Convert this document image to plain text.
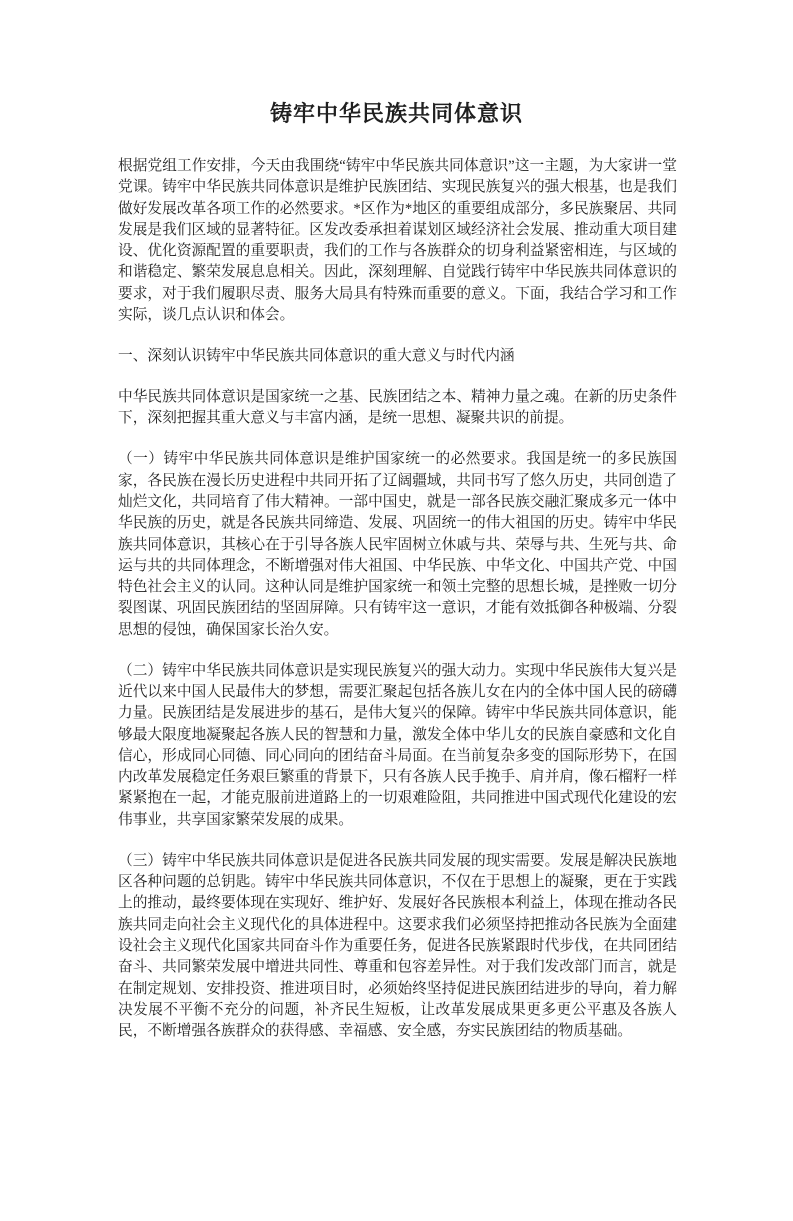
铸牢中华民族共同体意识

根据党组工作安排，今天由我围绕“铸牢中华民族共同体意识”这一主题，为大家讲一堂党课。铸牢中华民族共同体意识是维护民族团结、实现民族复兴的强大根基，也是我们做好发展改革各项工作的必然要求。*区作为*地区的重要组成部分，多民族聚居、共同发展是我们区域的显著特征。区发改委承担着谋划区域经济社会发展、推动重大项目建设、优化资源配置的重要职责，我们的工作与各族群众的切身利益紧密相连，与区域的和谐稳定、繁荣发展息息相关。因此，深刻理解、自觉践行铸牢中华民族共同体意识的要求，对于我们履职尽责、服务大局具有特殊而重要的意义。下面，我结合学习和工作实际，谈几点认识和体会。

一、深刻认识铸牢中华民族共同体意识的重大意义与时代内涵

中华民族共同体意识是国家统一之基、民族团结之本、精神力量之魂。在新的历史条件下，深刻把握其重大意义与丰富内涵，是统一思想、凝聚共识的前提。

（一）铸牢中华民族共同体意识是维护国家统一的必然要求。我国是统一的多民族国家，各民族在漫长历史进程中共同开拓了辽阔疆域，共同书写了悠久历史，共同创造了灿烂文化，共同培育了伟大精神。一部中国史，就是一部各民族交融汇聚成多元一体中华民族的历史，就是各民族共同缔造、发展、巩固统一的伟大祖国的历史。铸牢中华民族共同体意识，其核心在于引导各族人民牢固树立休戚与共、荣辱与共、生死与共、命运与共的共同体理念，不断增强对伟大祖国、中华民族、中华文化、中国共产党、中国特色社会主义的认同。这种认同是维护国家统一和领土完整的思想长城，是挫败一切分裂图谋、巩固民族团结的坚固屏障。只有铸牢这一意识，才能有效抵御各种极端、分裂思想的侵蚀，确保国家长治久安。

（二）铸牢中华民族共同体意识是实现民族复兴的强大动力。实现中华民族伟大复兴是近代以来中国人民最伟大的梦想，需要汇聚起包括各族儿女在内的全体中国人民的磅礴力量。民族团结是发展进步的基石，是伟大复兴的保障。铸牢中华民族共同体意识，能够最大限度地凝聚起各族人民的智慧和力量，激发全体中华儿女的民族自豪感和文化自信心，形成同心同德、同心同向的团结奋斗局面。在当前复杂多变的国际形势下，在国内改革发展稳定任务艰巨繁重的背景下，只有各族人民手挽手、肩并肩，像石榴籽一样紧紧抱在一起，才能克服前进道路上的一切艰难险阻，共同推进中国式现代化建设的宏伟事业，共享国家繁荣发展的成果。

（三）铸牢中华民族共同体意识是促进各民族共同发展的现实需要。发展是解决民族地区各种问题的总钥匙。铸牢中华民族共同体意识，不仅在于思想上的凝聚，更在于实践上的推动，最终要体现在实现好、维护好、发展好各民族根本利益上，体现在推动各民族共同走向社会主义现代化的具体进程中。这要求我们必须坚持把推动各民族为全面建设社会主义现代化国家共同奋斗作为重要任务，促进各民族紧跟时代步伐，在共同团结奋斗、共同繁荣发展中增进共同性、尊重和包容差异性。对于我们发改部门而言，就是在制定规划、安排投资、推进项目时，必须始终坚持促进民族团结进步的导向，着力解决发展不平衡不充分的问题，补齐民生短板，让改革发展成果更多更公平惠及各族人民，不断增强各族群众的获得感、幸福感、安全感，夯实民族团结的物质基础。
